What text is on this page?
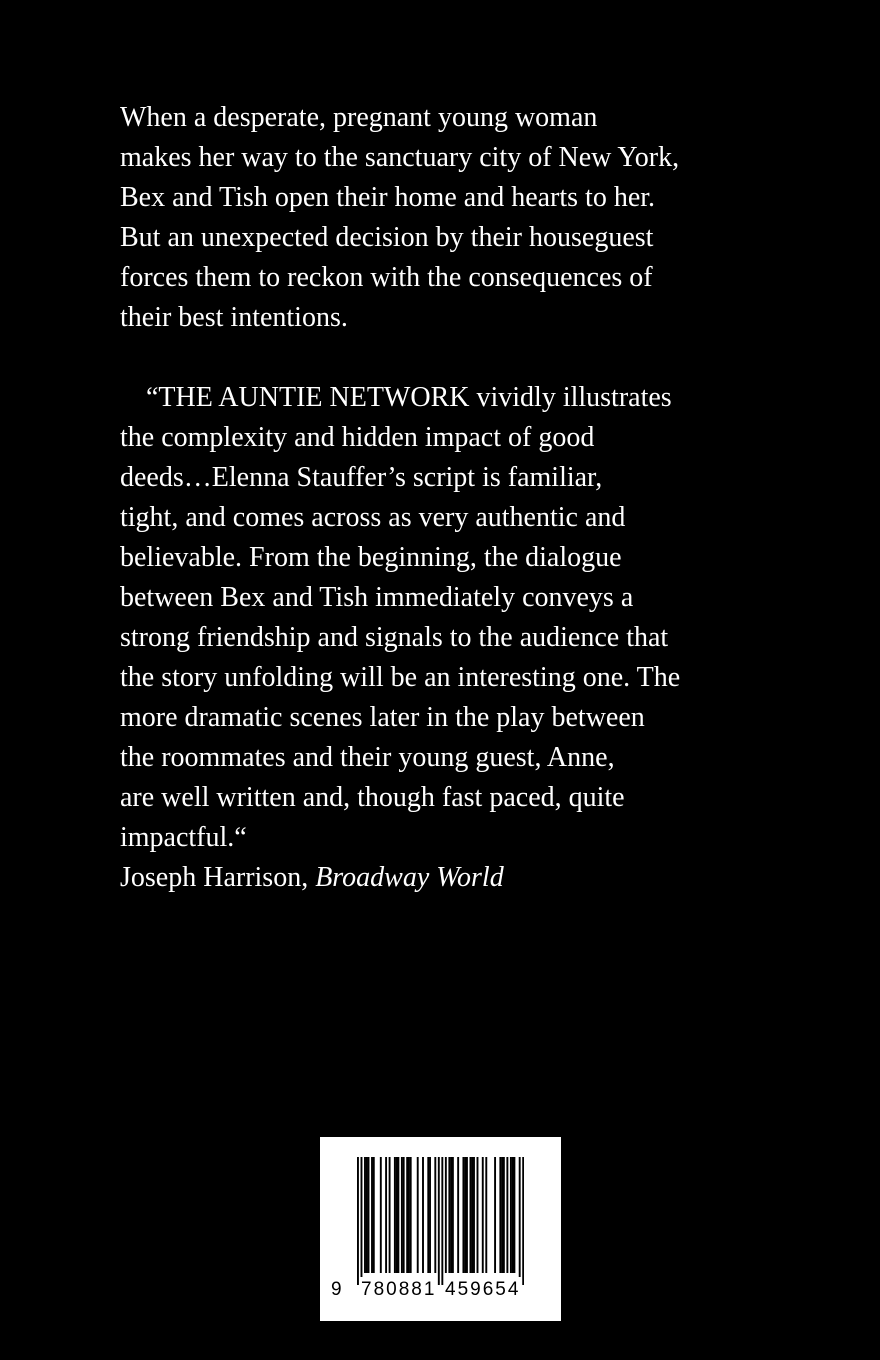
When a desperate, pregnant young woman
makes her way to the sanctuary city of New York,
Bex and Tish open their home and hearts to her.
But an unexpected decision by their houseguest
forces them to reckon with the consequences of
their best intentions.
“THE AUNTIE NETWORK vividly illustrates
the complexity and hidden impact of good
deeds…Elenna Stauffer’s script is familiar,
tight, and comes across as very authentic and
believable. From the beginning, the dialogue
between Bex and Tish immediately conveys a
strong friendship and signals to the audience that
the story unfolding will be an interesting one. The
more dramatic scenes later in the play between
the roommates and their young guest, Anne,
are well written and, though fast paced, quite
impactful.“
Joseph Harrison, Broadway World
9 780881 459654
